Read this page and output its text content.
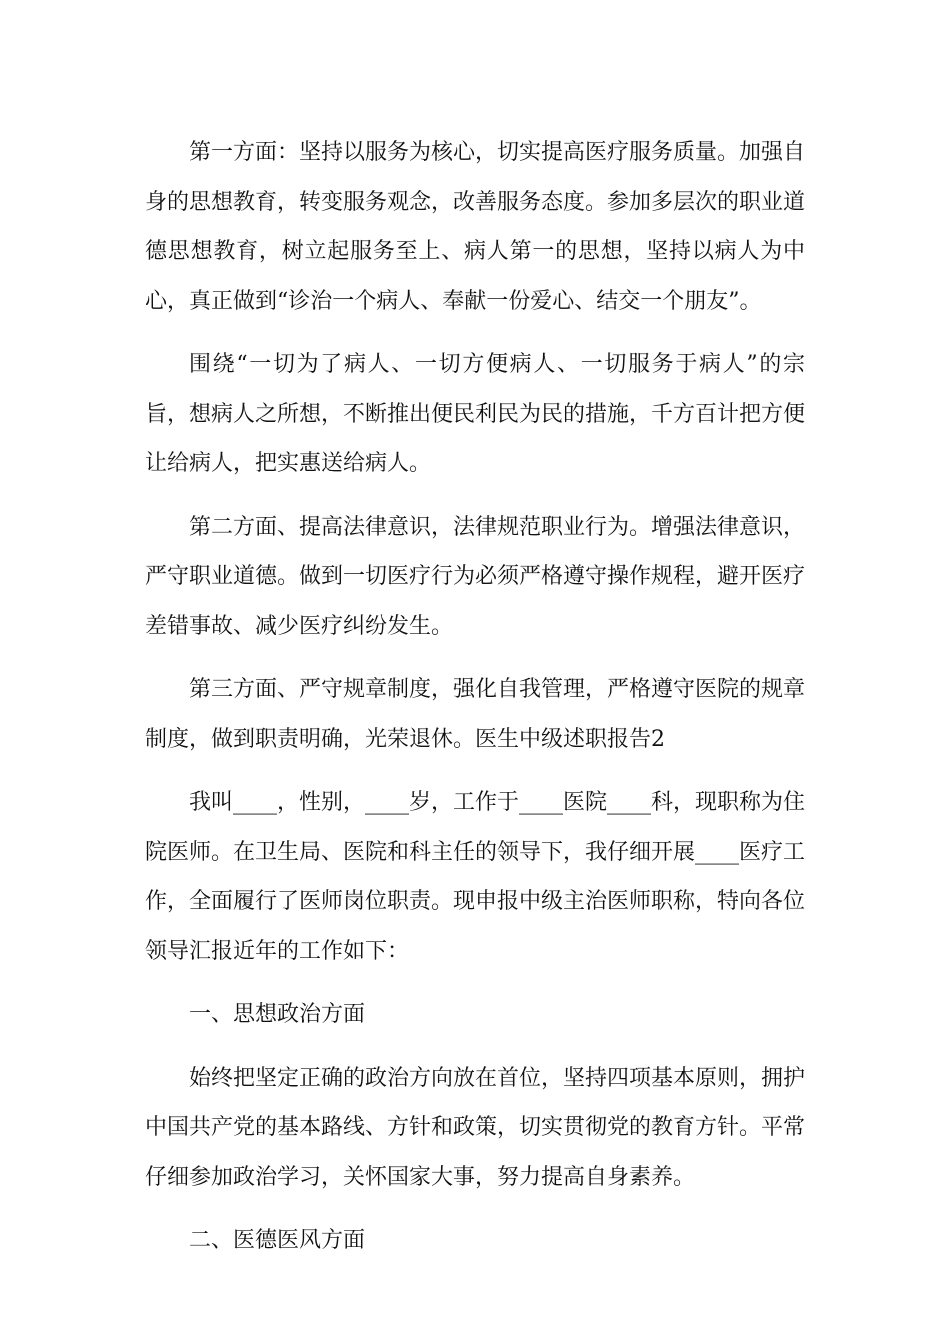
第一方面：坚持以服务为核心，切实提高医疗服务质量。加强自身的思想教育，转变服务观念，改善服务态度。参加多层次的职业道德思想教育，树立起服务至上、病人第一的思想，坚持以病人为中心，真正做到“诊治一个病人、奉献一份爱心、结交一个朋友”。

围绕“一切为了病人、一切方便病人、一切服务于病人”的宗旨，想病人之所想，不断推出便民利民为民的措施，千方百计把方便让给病人，把实惠送给病人。

第二方面、提高法律意识，法律规范职业行为。增强法律意识，严守职业道德。做到一切医疗行为必须严格遵守操作规程，避开医疗差错事故、减少医疗纠纷发生。

第三方面、严守规章制度，强化自我管理，严格遵守医院的规章制度，做到职责明确，光荣退休。医生中级述职报告2

我叫____，性别，____岁，工作于____医院____科，现职称为住院医师。在卫生局、医院和科主任的领导下，我仔细开展____医疗工作，全面履行了医师岗位职责。现申报中级主治医师职称，特向各位领导汇报近年的工作如下：

一、思想政治方面

始终把坚定正确的政治方向放在首位，坚持四项基本原则，拥护中国共产党的基本路线、方针和政策，切实贯彻党的教育方针。平常仔细参加政治学习，关怀国家大事，努力提高自身素养。

二、医德医风方面
